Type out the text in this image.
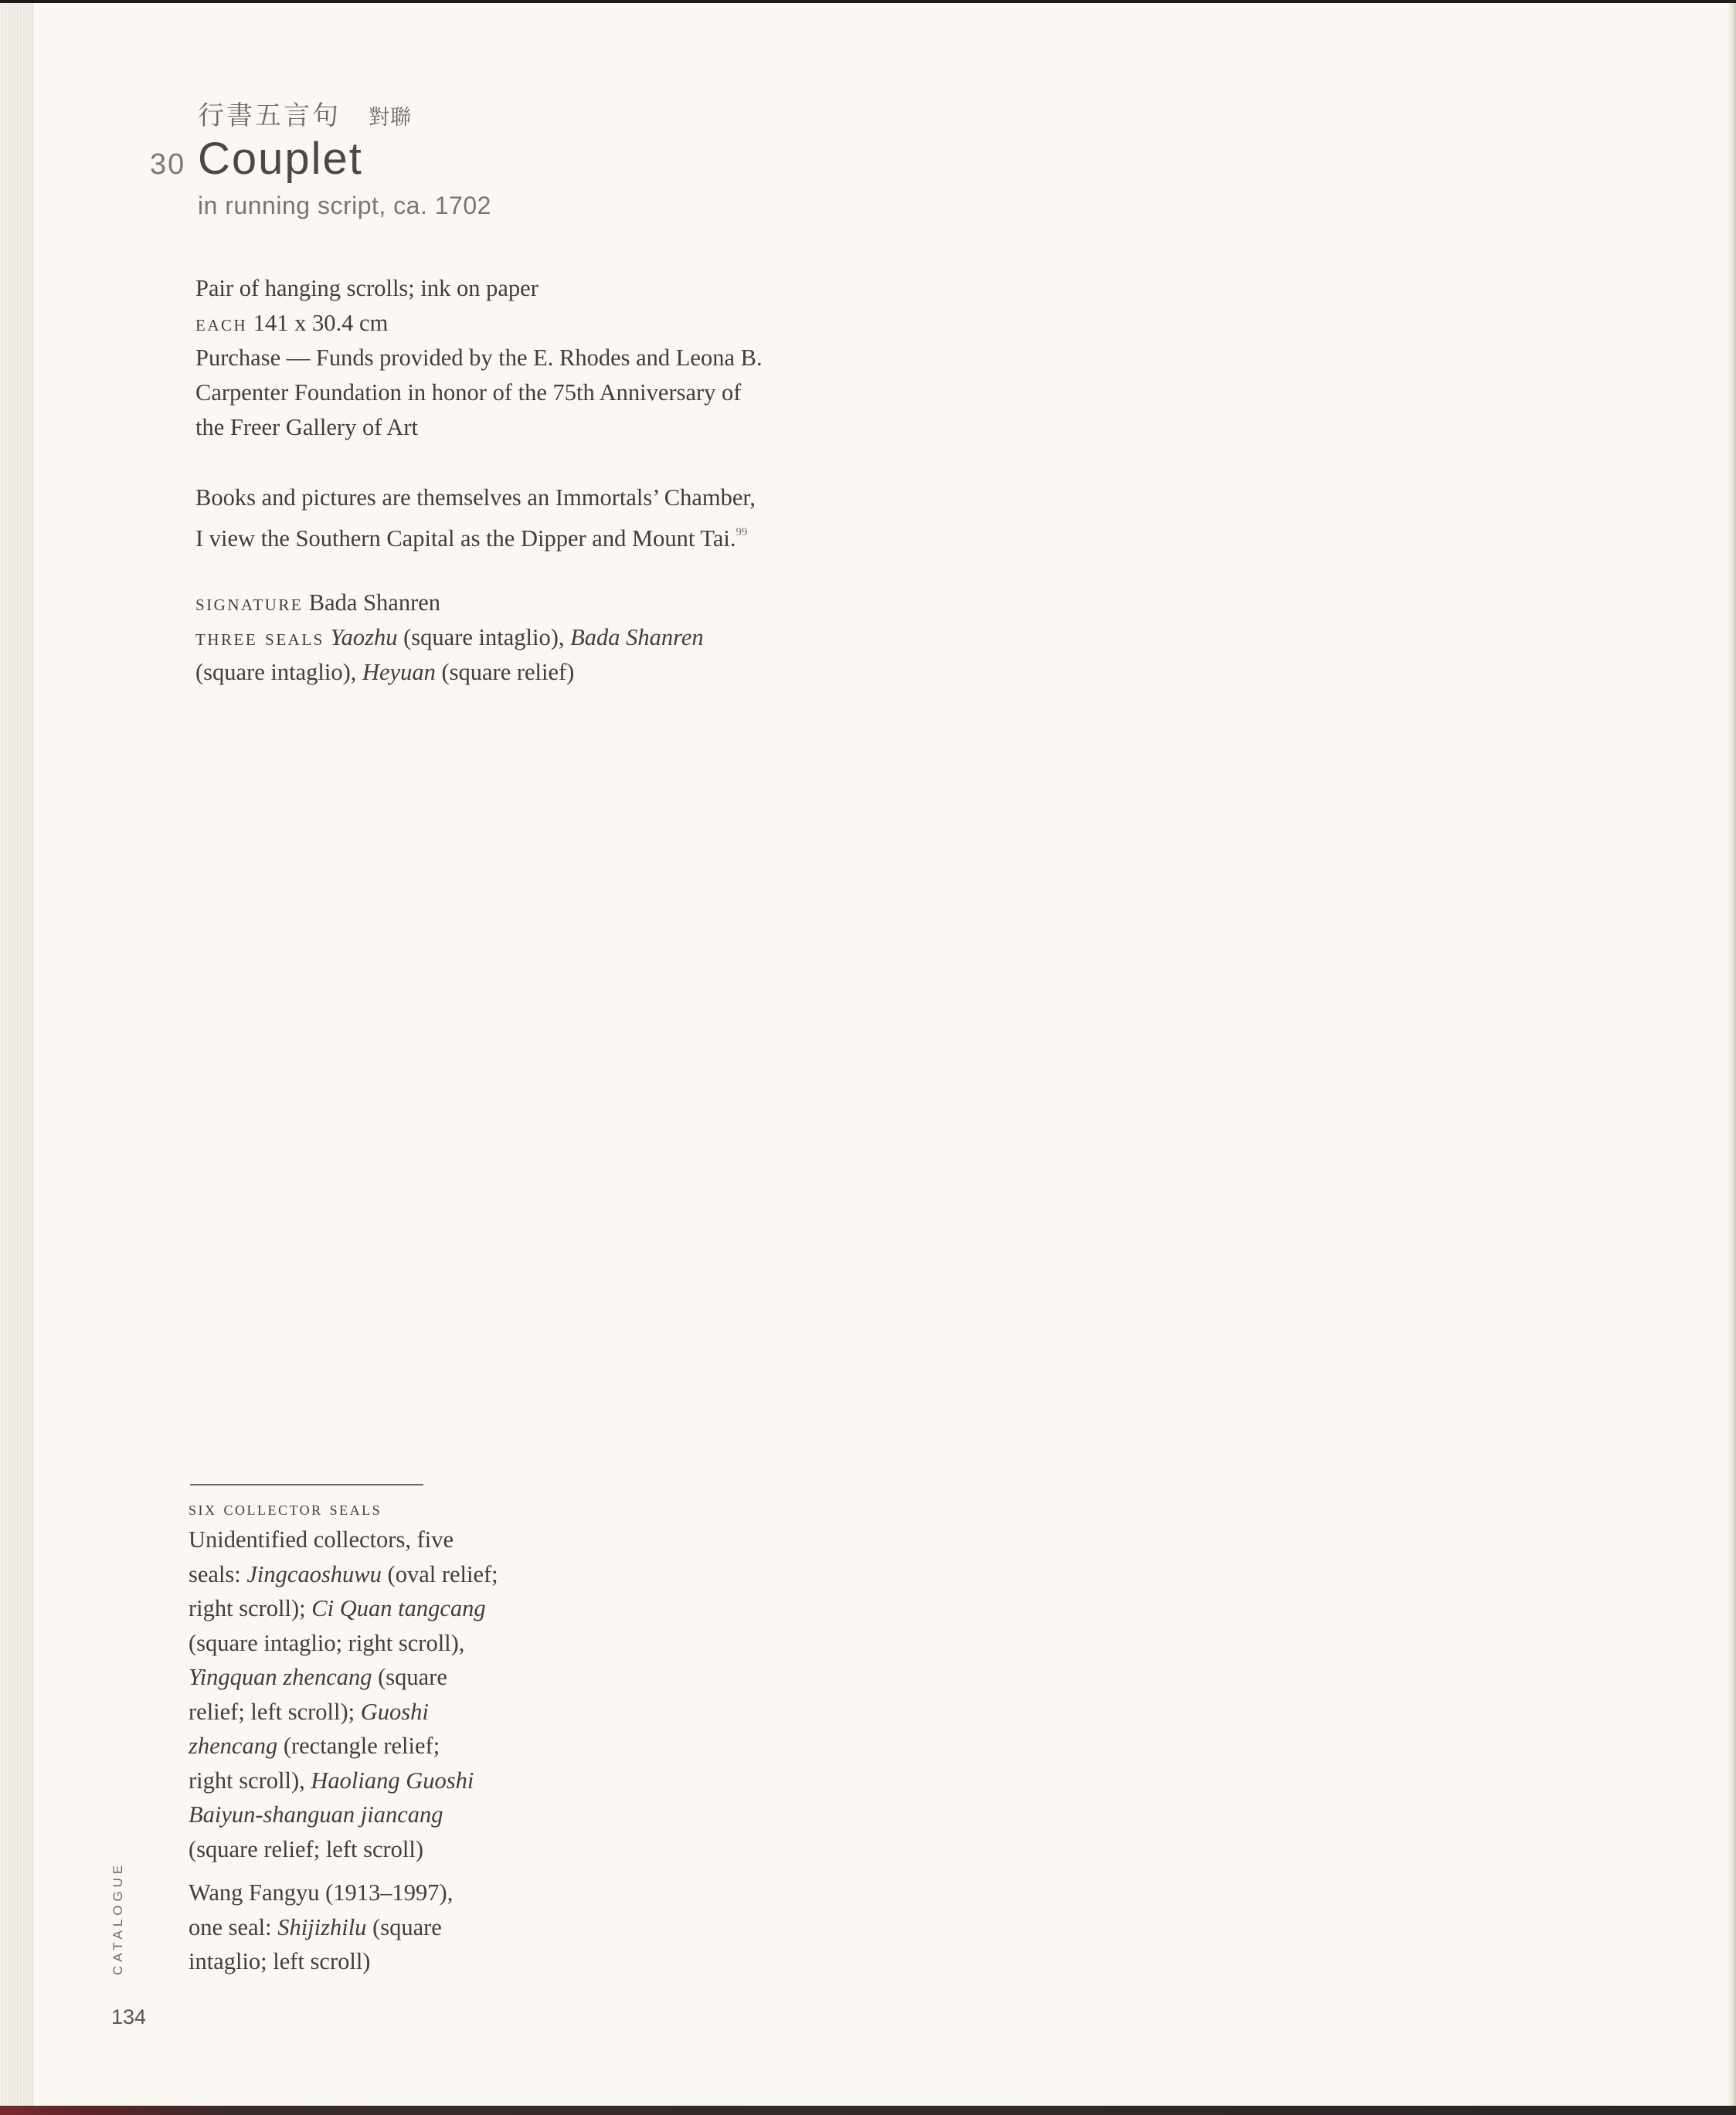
行書五言句 對聯
30 Couplet
in running script, ca. 1702
Pair of hanging scrolls; ink on paper
each 141 x 30.4 cm
Purchase — Funds provided by the E. Rhodes and Leona B.
Carpenter Foundation in honor of the 75th Anniversary of
the Freer Gallery of Art
Books and pictures are themselves an Immortals’ Chamber,
I view the Southern Capital as the Dipper and Mount Tai.$^{99}$
signature Bada Shanren
three seals Yaozhu (square intaglio), Bada Shanren
(square intaglio), Heyuan (square relief)
six collector seals
Unidentified collectors, five
seals: Jingcaoshuwu (oval relief;
right scroll); Ci Quan tangcang
(square intaglio; right scroll),
Yingquan zhencang (square
relief; left scroll); Guoshi
zhencang (rectangle relief;
right scroll), Haoliang Guoshi
Baiyun-shanguan jiancang
(square relief; left scroll)
Wang Fangyu (1913–1997),
one seal: Shijizhilu (square
intaglio; left scroll)
CATALOGUE
134
